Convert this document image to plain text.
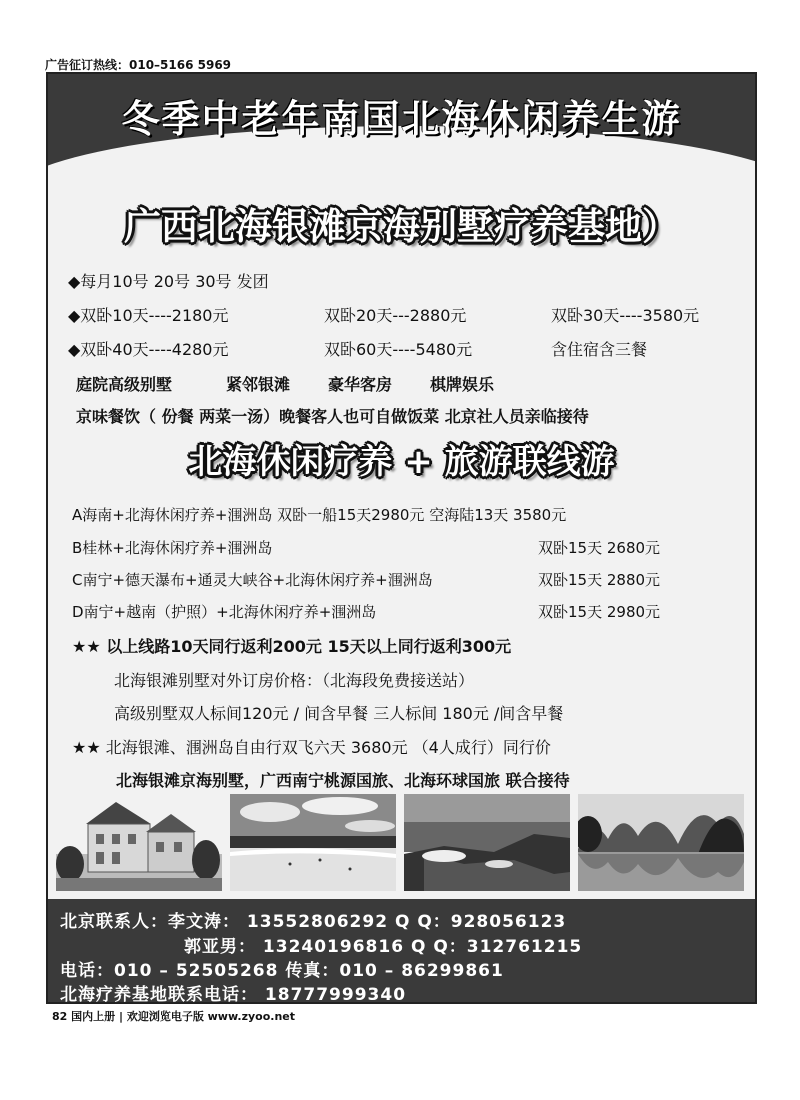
广告征订热线：010–5166 5969
冬季中老年南国北海休闲养生游
广西北海银滩京海别墅疗养基地）
◆每月10号 20号 30号 发团
◆双卧10天----2180元	双卧20天---2880元	双卧30天----3580元
◆双卧40天----4280元	双卧60天----5480元	含住宿含三餐
庭院高级别墅	紧邻银滩 豪华客房 棋牌娱乐
京味餐饮（ 份餐 两菜一汤）晚餐客人也可自做饭菜 北京社人员亲临接待
北海休闲疗养 + 旅游联线游
A海南+北海休闲疗养+涠洲岛 双卧一船15天2980元 空海陆13天 3580元
B桂林+北海休闲疗养+涠洲岛	双卧15天 2680元
C南宁+德天瀑布+通灵大峡谷+北海休闲疗养+涠洲岛	双卧15天 2880元
D南宁+越南（护照）+北海休闲疗养+涠洲岛	双卧15天 2980元
★★ 以上线路10天同行返利200元 15天以上同行返利300元
北海银滩别墅对外订房价格：（北海段免费接送站）
高级别墅双人标间120元 / 间含早餐 三人标间 180元 /间含早餐
★★ 北海银滩、涠洲岛自由行双飞六天 3680元 （4人成行）同行价
北海银滩京海别墅，广西南宁桃源国旅、北海环球国旅 联合接待
北京联系人：李文涛： 13552806292 Q Q：928056123
郭亚男： 13240196816 Q Q：312761215
电话：010 – 52505268 传真：010 – 86299861
北海疗养基地联系电话： 18777999340
82 国内上册 | 欢迎浏览电子版 www.zyoo.net
